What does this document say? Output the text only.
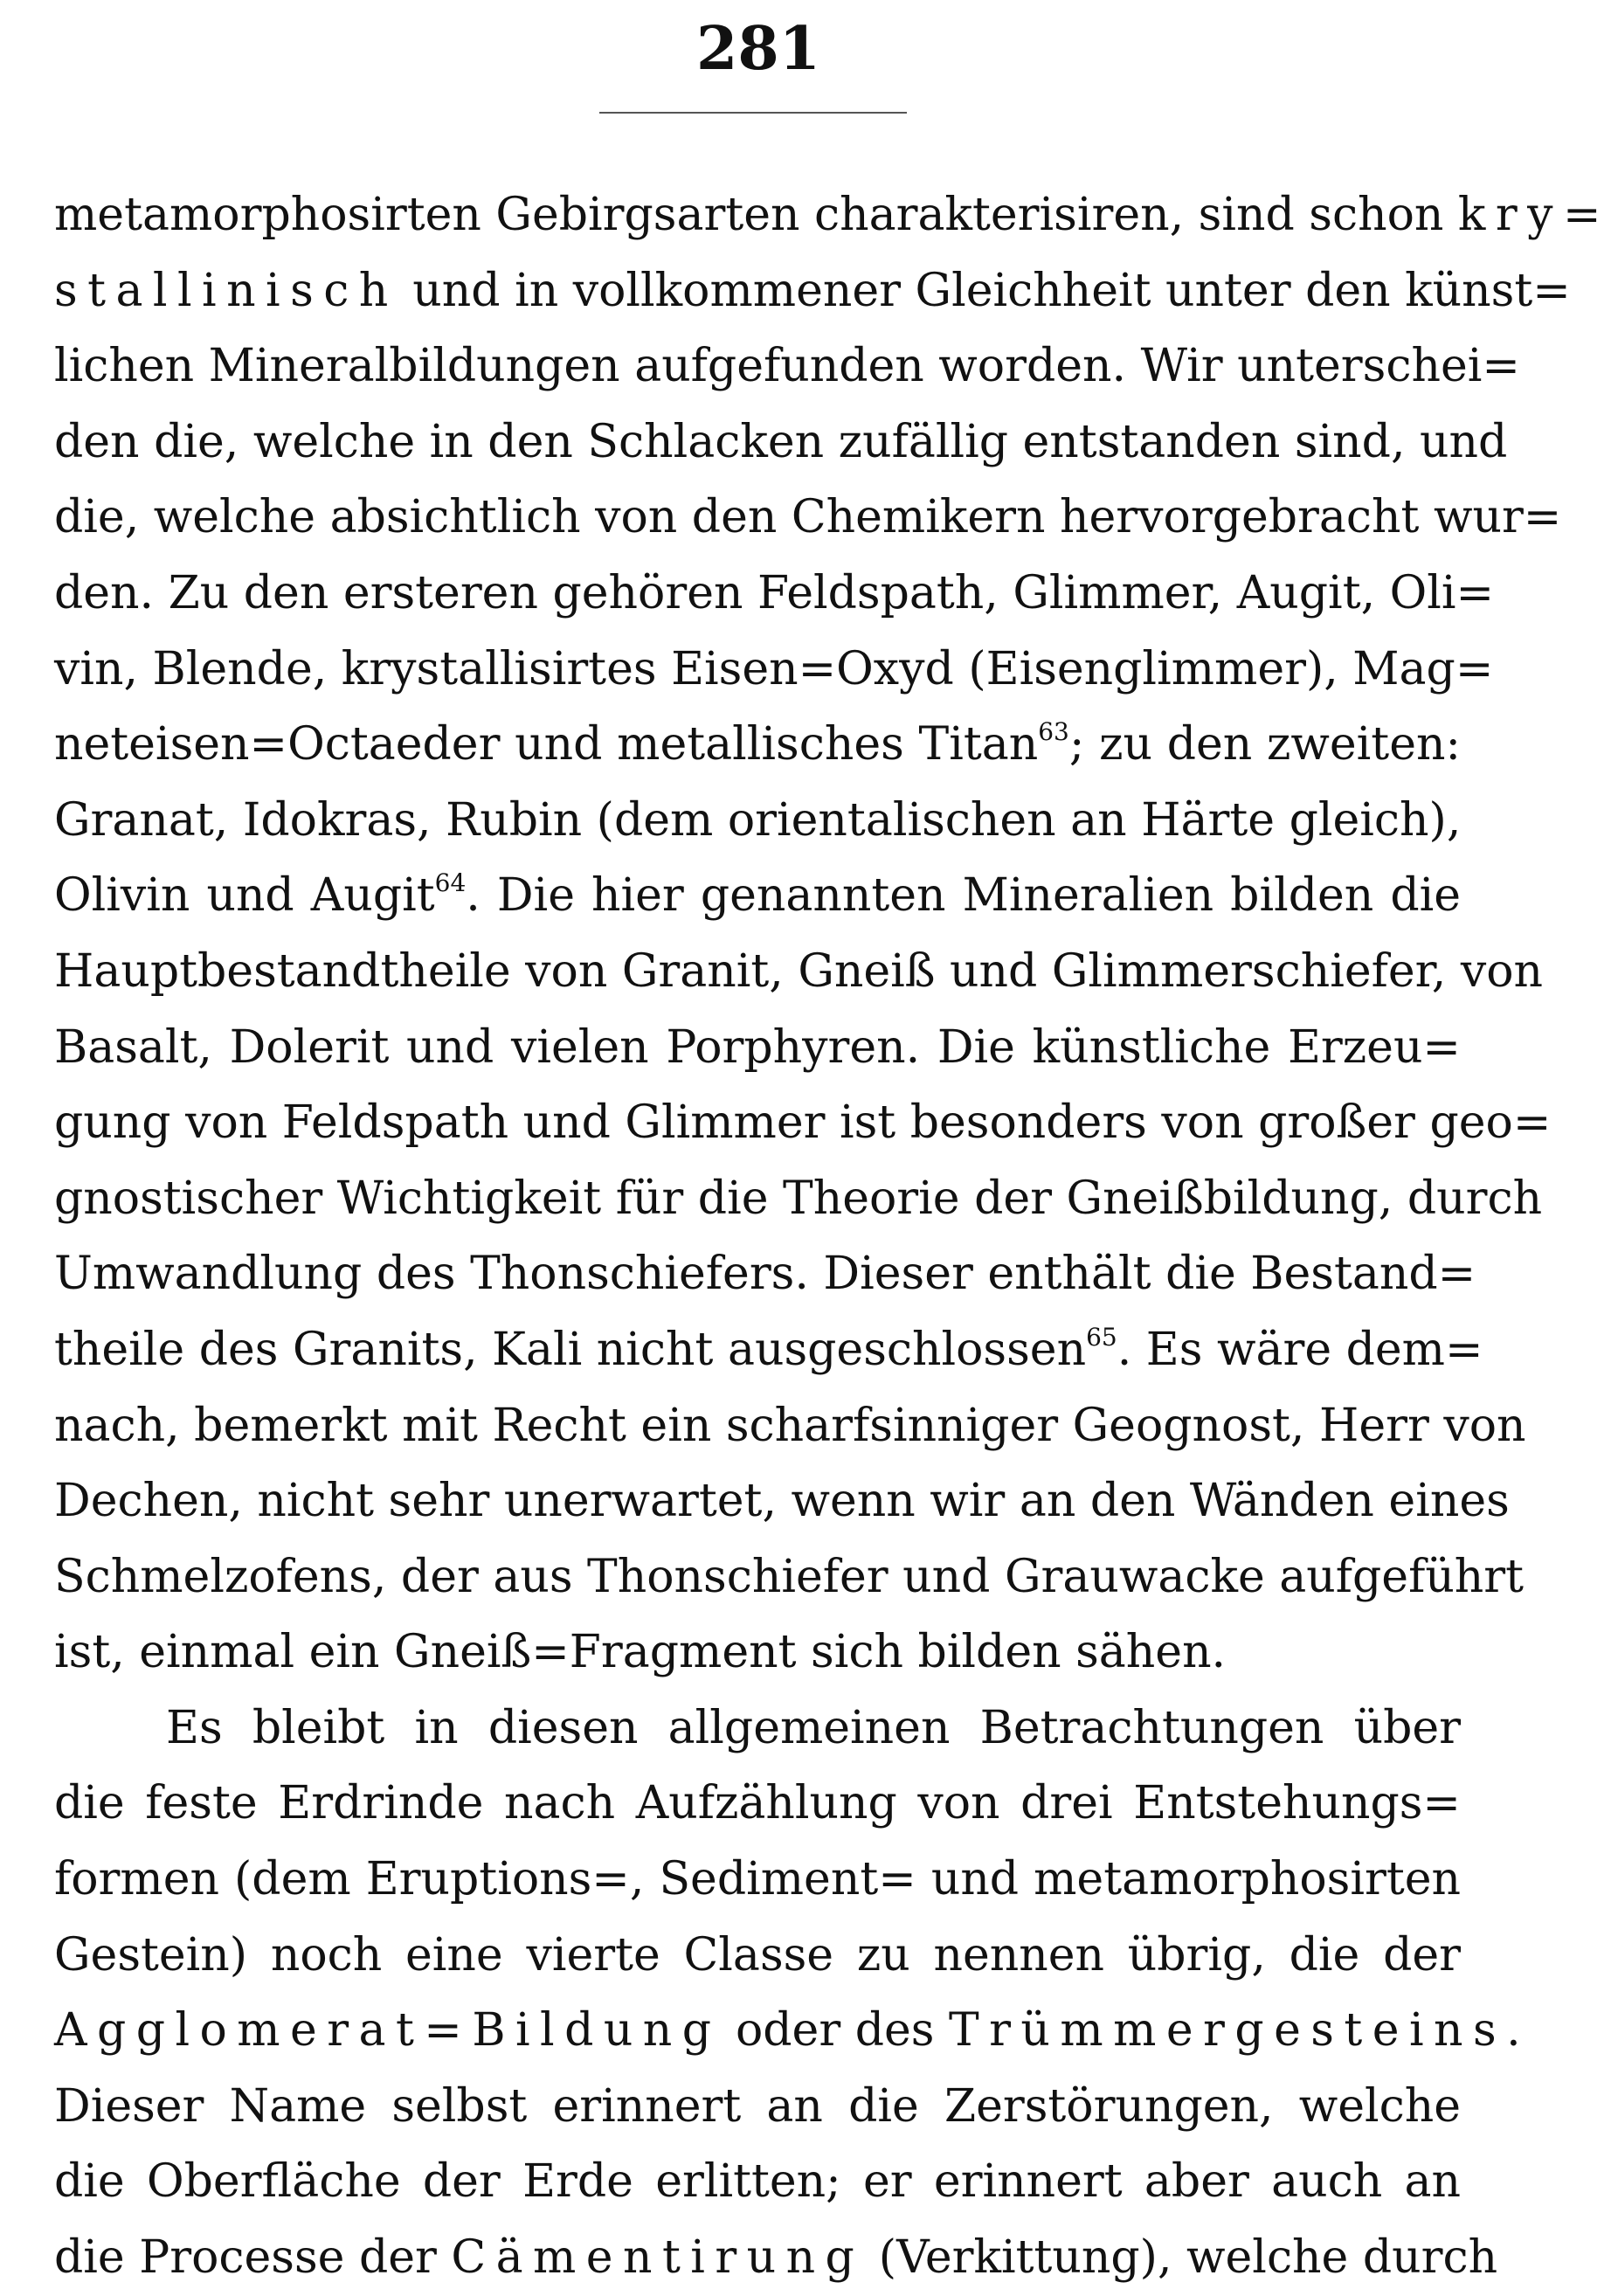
281
metamorphosirten Gebirgsarten charakterisiren, sind schon kry=
stallinisch und in vollkommener Gleichheit unter den künst=
lichen Mineralbildungen aufgefunden worden. Wir unterschei=
den die, welche in den Schlacken zufällig entstanden sind, und
die, welche absichtlich von den Chemikern hervorgebracht wur=
den. Zu den ersteren gehören Feldspath, Glimmer, Augit, Oli=
vin, Blende, krystallisirtes Eisen=Oxyd (Eisenglimmer), Mag=
neteisen=Octaeder und metallisches Titan$^{63}$; zu den zweiten:
Granat, Idokras, Rubin (dem orientalischen an Härte gleich),
Olivin und Augit$^{64}$. Die hier genannten Mineralien bilden die
Hauptbestandtheile von Granit, Gneiß und Glimmerschiefer, von
Basalt, Dolerit und vielen Porphyren. Die künstliche Erzeu=
gung von Feldspath und Glimmer ist besonders von großer geo=
gnostischer Wichtigkeit für die Theorie der Gneißbildung, durch
Umwandlung des Thonschiefers. Dieser enthält die Bestand=
theile des Granits, Kali nicht ausgeschlossen$^{65}$. Es wäre dem=
nach, bemerkt mit Recht ein scharfsinniger Geognost, Herr von
Dechen, nicht sehr unerwartet, wenn wir an den Wänden eines
Schmelzofens, der aus Thonschiefer und Grauwacke aufgeführt
ist, einmal ein Gneiß=Fragment sich bilden sähen.
Es bleibt in diesen allgemeinen Betrachtungen über
die feste Erdrinde nach Aufzählung von drei Entstehungs=
formen (dem Eruptions=, Sediment= und metamorphosirten
Gestein) noch eine vierte Classe zu nennen übrig, die der
Agglomerat=Bildung oder des Trümmergesteins.
Dieser Name selbst erinnert an die Zerstörungen, welche
die Oberfläche der Erde erlitten; er erinnert aber auch an
die Processe der Cämentirung (Verkittung), welche durch
